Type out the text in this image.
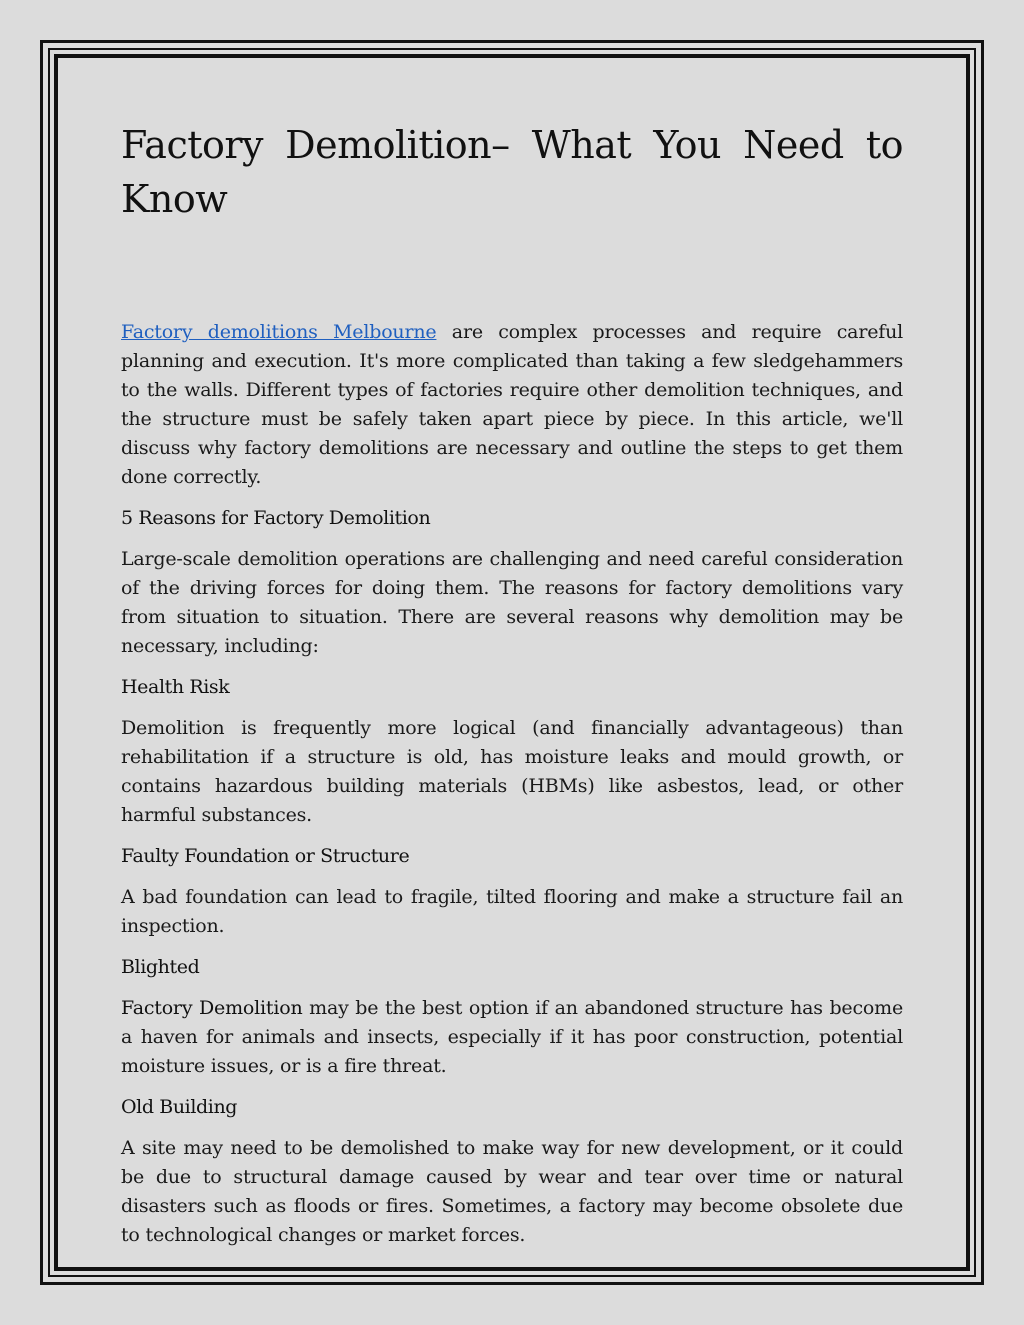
Factory Demolition– What You Need to Know

Factory demolitions Melbourne are complex processes and require careful planning and execution. It's more complicated than taking a few sledgehammers to the walls. Different types of factories require other demolition techniques, and the structure must be safely taken apart piece by piece. In this article, we'll discuss why factory demolitions are necessary and outline the steps to get them done correctly.

5 Reasons for Factory Demolition

Large-scale demolition operations are challenging and need careful consideration of the driving forces for doing them. The reasons for factory demolitions vary from situation to situation. There are several reasons why demolition may be necessary, including:

Health Risk

Demolition is frequently more logical (and financially advantageous) than rehabilitation if a structure is old, has moisture leaks and mould growth, or contains hazardous building materials (HBMs) like asbestos, lead, or other harmful substances.

Faulty Foundation or Structure

A bad foundation can lead to fragile, tilted flooring and make a structure fail an inspection.

Blighted

Factory Demolition may be the best option if an abandoned structure has become a haven for animals and insects, especially if it has poor construction, potential moisture issues, or is a fire threat.

Old Building

A site may need to be demolished to make way for new development, or it could be due to structural damage caused by wear and tear over time or natural disasters such as floods or fires. Sometimes, a factory may become obsolete due to technological changes or market forces.
